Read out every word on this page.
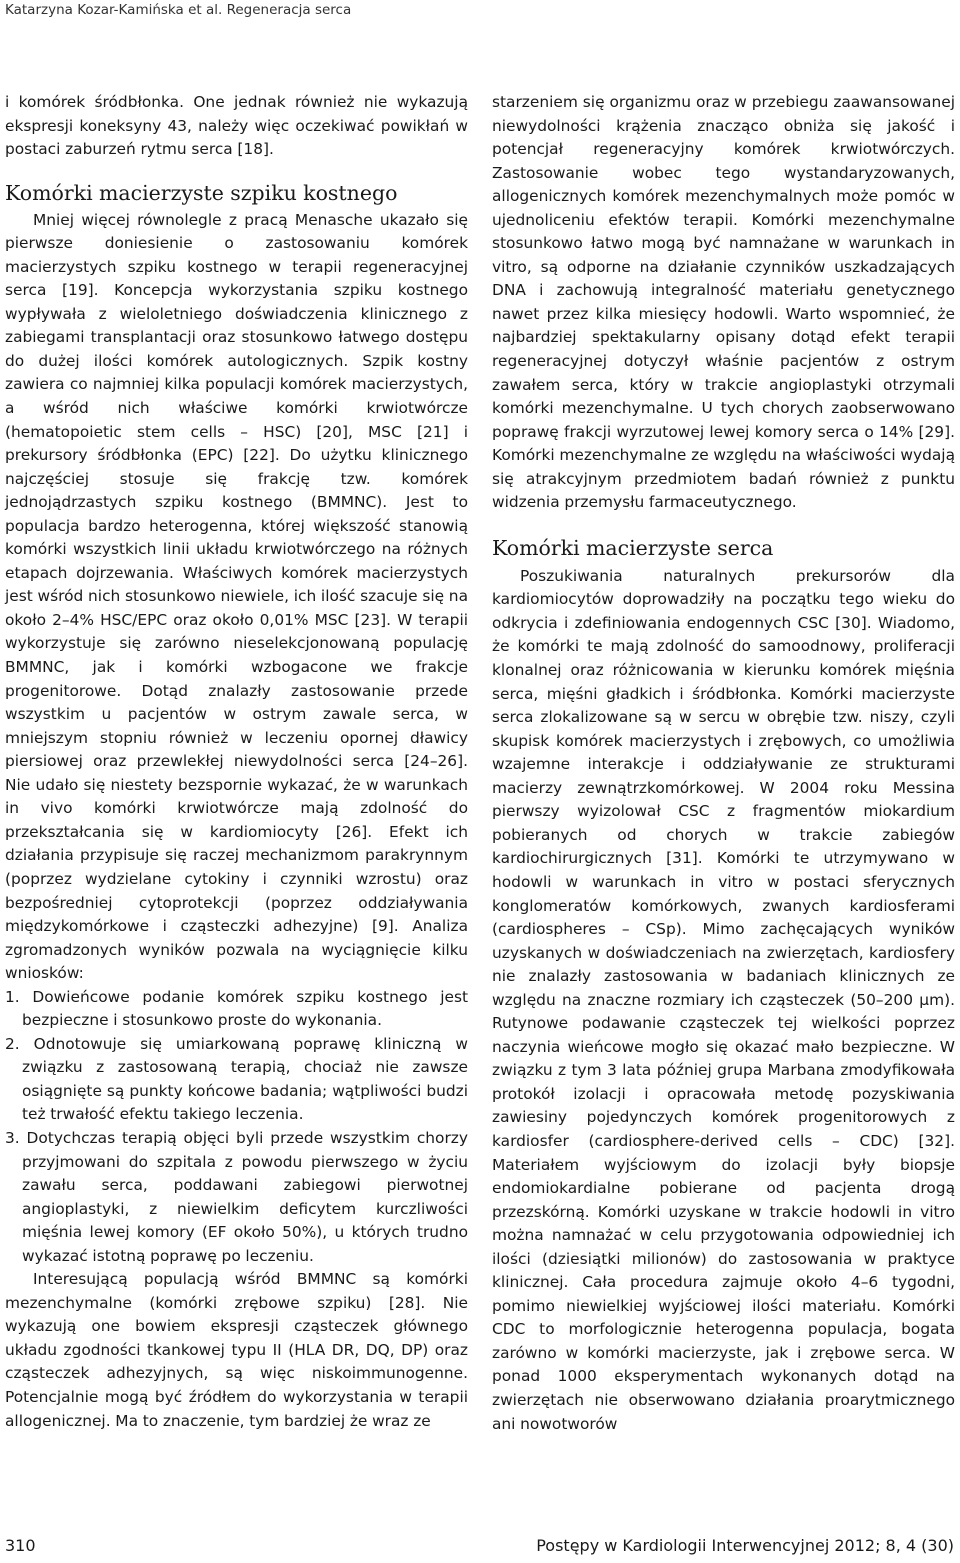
Katarzyna Kozar-Kamińska et al. Regeneracja serca

i komórek śródbłonka. One jednak również nie wykazują ekspresji koneksyny 43, należy więc oczekiwać powikłań w postaci zaburzeń rytmu serca [18].

Komórki macierzyste szpiku kostnego

Mniej więcej równolegle z pracą Menasche ukazało się pierwsze doniesienie o zastosowaniu komórek macierzystych szpiku kostnego w terapii regeneracyjnej serca [19]. Koncepcja wykorzystania szpiku kostnego wypływała z wieloletniego doświadczenia klinicznego z zabiegami transplantacji oraz stosunkowo łatwego dostępu do dużej ilości komórek autologicznych. Szpik kostny zawiera co najmniej kilka populacji komórek macierzystych, a wśród nich właściwe komórki krwiotwórcze (hematopoietic stem cells – HSC) [20], MSC [21] i prekursory śródbłonka (EPC) [22]. Do użytku klinicznego najczęściej stosuje się frakcję tzw. komórek jednojądrzastych szpiku kostnego (BMMNC). Jest to populacja bardzo heterogenna, której większość stanowią komórki wszystkich linii układu krwiotwórczego na różnych etapach dojrzewania. Właściwych komórek macierzystych jest wśród nich stosunkowo niewiele, ich ilość szacuje się na około 2–4% HSC/EPC oraz około 0,01% MSC [23]. W terapii wykorzystuje się zarówno nieselekcjonowaną populację BMMNC, jak i komórki wzbogacone we frakcje progenitorowe. Dotąd znalazły zastosowanie przede wszystkim u pacjentów w ostrym zawale serca, w mniejszym stopniu również w leczeniu opornej dławicy piersiowej oraz przewlekłej niewydolności serca [24–26]. Nie udało się niestety bezspornie wykazać, że w warunkach in vivo komórki krwiotwórcze mają zdolność do przekształcania się w kardiomiocyty [26]. Efekt ich działania przypisuje się raczej mechanizmom parakrynnym (poprzez wydzielane cytokiny i czynniki wzrostu) oraz bezpośredniej cytoprotekcji (poprzez oddziaływania międzykomórkowe i cząsteczki adhezyjne) [9]. Analiza zgromadzonych wyników pozwala na wyciągnięcie kilku wniosków:

1. Dowieńcowe podanie komórek szpiku kostnego jest bezpieczne i stosunkowo proste do wykonania.

2. Odnotowuje się umiarkowaną poprawę kliniczną w związku z zastosowaną terapią, chociaż nie zawsze osiągnięte są punkty końcowe badania; wątpliwości budzi też trwałość efektu takiego leczenia.

3. Dotychczas terapią objęci byli przede wszystkim chorzy przyjmowani do szpitala z powodu pierwszego w życiu zawału serca, poddawani zabiegowi pierwotnej angioplastyki, z niewielkim deficytem kurczliwości mięśnia lewej komory (EF około 50%), u których trudno wykazać istotną poprawę po leczeniu.

Interesującą populacją wśród BMMNC są komórki mezenchymalne (komórki zrębowe szpiku) [28]. Nie wykazują one bowiem ekspresji cząsteczek głównego układu zgodności tkankowej typu II (HLA DR, DQ, DP) oraz cząsteczek adhezyjnych, są więc niskoimmunogenne. Potencjalnie mogą być źródłem do wykorzystania w terapii allogenicznej. Ma to znaczenie, tym bardziej że wraz ze

starzeniem się organizmu oraz w przebiegu zaawansowanej niewydolności krążenia znacząco obniża się jakość i potencjał regeneracyjny komórek krwiotwórczych. Zastosowanie wobec tego wystandaryzowanych, allogenicznych komórek mezenchymalnych może pomóc w ujednoliceniu efektów terapii. Komórki mezenchymalne stosunkowo łatwo mogą być namnażane w warunkach in vitro, są odporne na działanie czynników uszkadzających DNA i zachowują integralność materiału genetycznego nawet przez kilka miesięcy hodowli. Warto wspomnieć, że najbardziej spektakularny opisany dotąd efekt terapii regeneracyjnej dotyczył właśnie pacjentów z ostrym zawałem serca, który w trakcie angioplastyki otrzymali komórki mezenchymalne. U tych chorych zaobserwowano poprawę frakcji wyrzutowej lewej komory serca o 14% [29]. Komórki mezenchymalne ze względu na właściwości wydają się atrakcyjnym przedmiotem badań również z punktu widzenia przemysłu farmaceutycznego.

Komórki macierzyste serca

Poszukiwania naturalnych prekursorów dla kardiomiocytów doprowadziły na początku tego wieku do odkrycia i zdefiniowania endogennych CSC [30]. Wiadomo, że komórki te mają zdolność do samoodnowy, proliferacji klonalnej oraz różnicowania w kierunku komórek mięśnia serca, mięśni gładkich i śródbłonka. Komórki macierzyste serca zlokalizowane są w sercu w obrębie tzw. niszy, czyli skupisk komórek macierzystych i zrębowych, co umożliwia wzajemne interakcje i oddziaływanie ze strukturami macierzy zewnątrzkomórkowej. W 2004 roku Messina pierwszy wyizolował CSC z fragmentów miokardium pobieranych od chorych w trakcie zabiegów kardiochirurgicznych [31]. Komórki te utrzymywano w hodowli w warunkach in vitro w postaci sferycznych konglomeratów komórkowych, zwanych kardiosferami (cardiospheres – CSp). Mimo zachęcających wyników uzyskanych w doświadczeniach na zwierzętach, kardiosfery nie znalazły zastosowania w badaniach klinicznych ze względu na znaczne rozmiary ich cząsteczek (50–200 µm). Rutynowe podawanie cząsteczek tej wielkości poprzez naczynia wieńcowe mogło się okazać mało bezpieczne. W związku z tym 3 lata później grupa Marbana zmodyfikowała protokół izolacji i opracowała metodę pozyskiwania zawiesiny pojedynczych komórek progenitorowych z kardiosfer (cardiosphere-derived cells – CDC) [32]. Materiałem wyjściowym do izolacji były biopsje endomiokardialne pobierane od pacjenta drogą przezskórną. Komórki uzyskane w trakcie hodowli in vitro można namnażać w celu przygotowania odpowiedniej ich ilości (dziesiątki milionów) do zastosowania w praktyce klinicznej. Cała procedura zajmuje około 4–6 tygodni, pomimo niewielkiej wyjściowej ilości materiału. Komórki CDC to morfologicznie heterogenna populacja, bogata zarówno w komórki macierzyste, jak i zrębowe serca. W ponad 1000 eksperymentach wykonanych dotąd na zwierzętach nie obserwowano działania proarytmicznego ani nowotworów

310	Postępy w Kardiologii Interwencyjnej 2012; 8, 4 (30)
